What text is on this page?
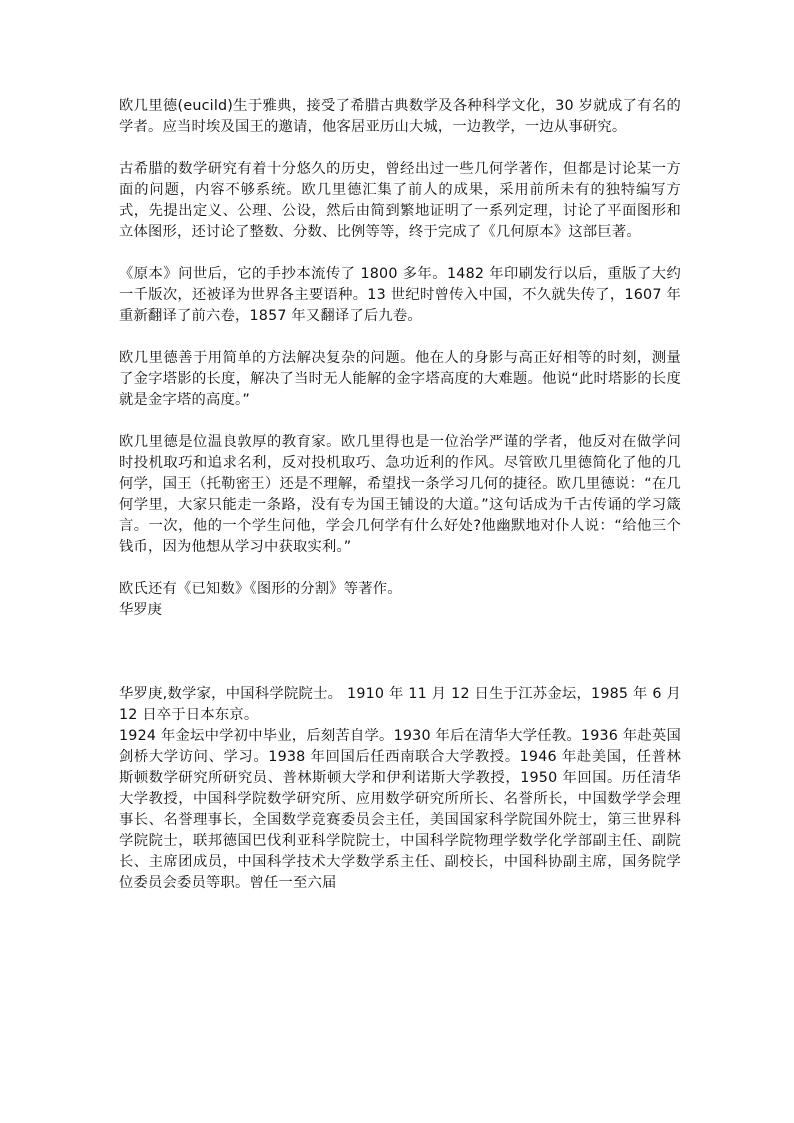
欧几里德(eucild)生于雅典，接受了希腊古典数学及各种科学文化，30 岁就成了有名的学者。应当时埃及国王的邀请，他客居亚历山大城，一边教学，一边从事研究。

古希腊的数学研究有着十分悠久的历史，曾经出过一些几何学著作，但都是讨论某一方面的问题，内容不够系统。欧几里德汇集了前人的成果，采用前所未有的独特编写方式，先提出定义、公理、公设，然后由简到繁地证明了一系列定理，讨论了平面图形和立体图形，还讨论了整数、分数、比例等等，终于完成了《几何原本》这部巨著。

《原本》问世后，它的手抄本流传了 1800 多年。1482 年印刷发行以后，重版了大约一千版次，还被译为世界各主要语种。13 世纪时曾传入中国，不久就失传了，1607 年重新翻译了前六卷，1857 年又翻译了后九卷。

欧几里德善于用简单的方法解决复杂的问题。他在人的身影与高正好相等的时刻，测量了金字塔影的长度，解决了当时无人能解的金字塔高度的大难题。他说“此时塔影的长度就是金字塔的高度。”

欧几里德是位温良敦厚的教育家。欧几里得也是一位治学严谨的学者，他反对在做学问时投机取巧和追求名利，反对投机取巧、急功近利的作风。尽管欧几里德简化了他的几何学，国王（托勒密王）还是不理解，希望找一条学习几何的捷径。欧几里德说：“在几何学里，大家只能走一条路，没有专为国王铺设的大道。”这句话成为千古传诵的学习箴言。一次，他的一个学生问他，学会几何学有什么好处?他幽默地对仆人说：“给他三个钱币，因为他想从学习中获取实利。”

欧氏还有《已知数》《图形的分割》等著作。

华罗庚

华罗庚,数学家，中国科学院院士。 1910 年 11 月 12 日生于江苏金坛，1985 年 6 月 12 日卒于日本东京。

1924 年金坛中学初中毕业，后刻苦自学。1930 年后在清华大学任教。1936 年赴英国剑桥大学访问、学习。1938 年回国后任西南联合大学教授。1946 年赴美国，任普林斯顿数学研究所研究员、普林斯顿大学和伊利诺斯大学教授，1950 年回国。历任清华大学教授，中国科学院数学研究所、应用数学研究所所长、名誉所长，中国数学学会理事长、名誉理事长，全国数学竞赛委员会主任，美国国家科学院国外院士，第三世界科学院院士，联邦德国巴伐利亚科学院院士，中国科学院物理学数学化学部副主任、副院长、主席团成员，中国科学技术大学数学系主任、副校长，中国科协副主席，国务院学位委员会委员等职。曾任一至六届
